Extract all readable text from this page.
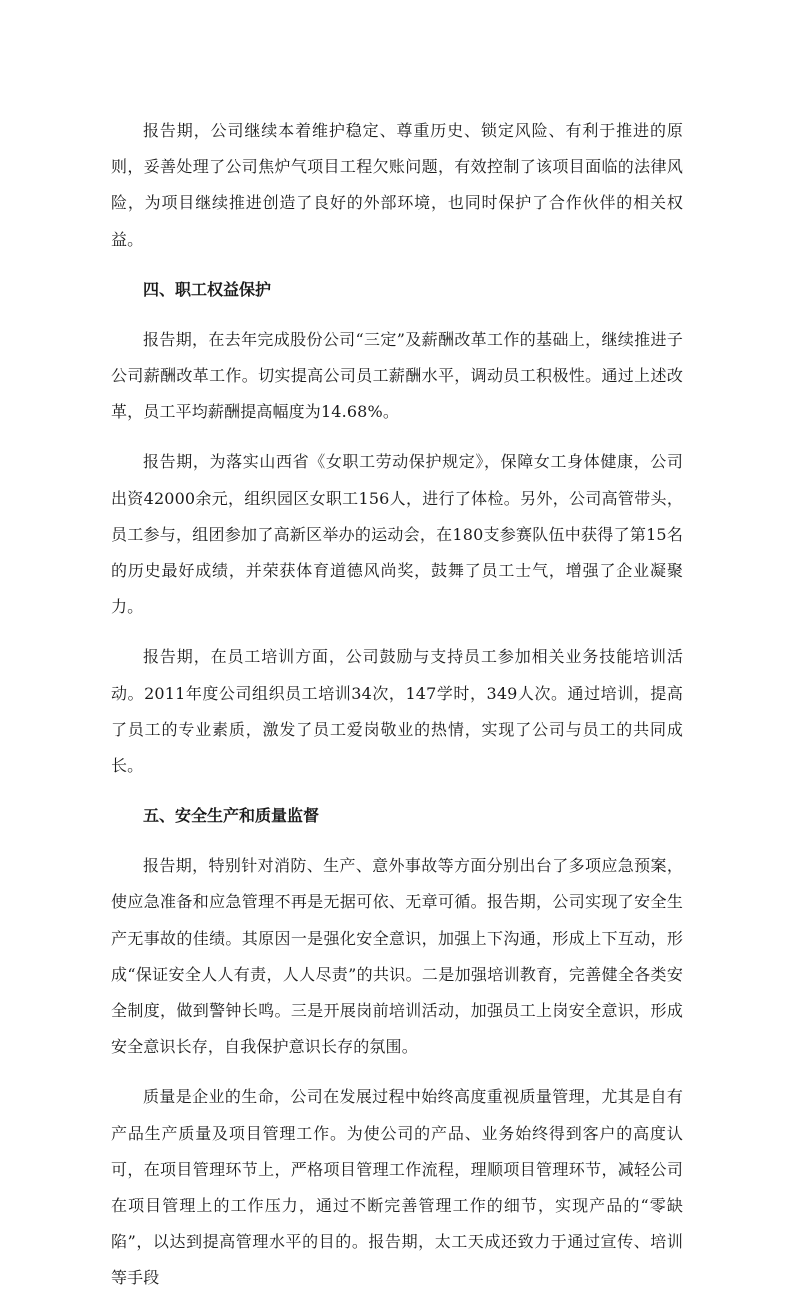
报告期，公司继续本着维护稳定、尊重历史、锁定风险、有利于推进的原则，妥善处理了公司焦炉气项目工程欠账问题，有效控制了该项目面临的法律风险，为项目继续推进创造了良好的外部环境，也同时保护了合作伙伴的相关权益。

四、职工权益保护

报告期，在去年完成股份公司“三定”及薪酬改革工作的基础上，继续推进子公司薪酬改革工作。切实提高公司员工薪酬水平，调动员工积极性。通过上述改革，员工平均薪酬提高幅度为14.68%。

报告期，为落实山西省《女职工劳动保护规定》，保障女工身体健康，公司出资42000余元，组织园区女职工156人，进行了体检。另外，公司高管带头，员工参与，组团参加了高新区举办的运动会，在180支参赛队伍中获得了第15名的历史最好成绩，并荣获体育道德风尚奖，鼓舞了员工士气，增强了企业凝聚力。

报告期，在员工培训方面，公司鼓励与支持员工参加相关业务技能培训活动。2011年度公司组织员工培训34次，147学时，349人次。通过培训，提高了员工的专业素质，激发了员工爱岗敬业的热情，实现了公司与员工的共同成长。

五、安全生产和质量监督

报告期，特别针对消防、生产、意外事故等方面分别出台了多项应急预案，使应急准备和应急管理不再是无据可依、无章可循。报告期，公司实现了安全生产无事故的佳绩。其原因一是强化安全意识，加强上下沟通，形成上下互动，形成“保证安全人人有责，人人尽责”的共识。二是加强培训教育，完善健全各类安全制度，做到警钟长鸣。三是开展岗前培训活动，加强员工上岗安全意识，形成安全意识长存，自我保护意识长存的氛围。

质量是企业的生命，公司在发展过程中始终高度重视质量管理，尤其是自有产品生产质量及项目管理工作。为使公司的产品、业务始终得到客户的高度认可，在项目管理环节上，严格项目管理工作流程，理顺项目管理环节，减轻公司在项目管理上的工作压力，通过不断完善管理工作的细节，实现产品的“零缺陷”，以达到提高管理水平的目的。报告期，太工天成还致力于通过宣传、培训等手段
